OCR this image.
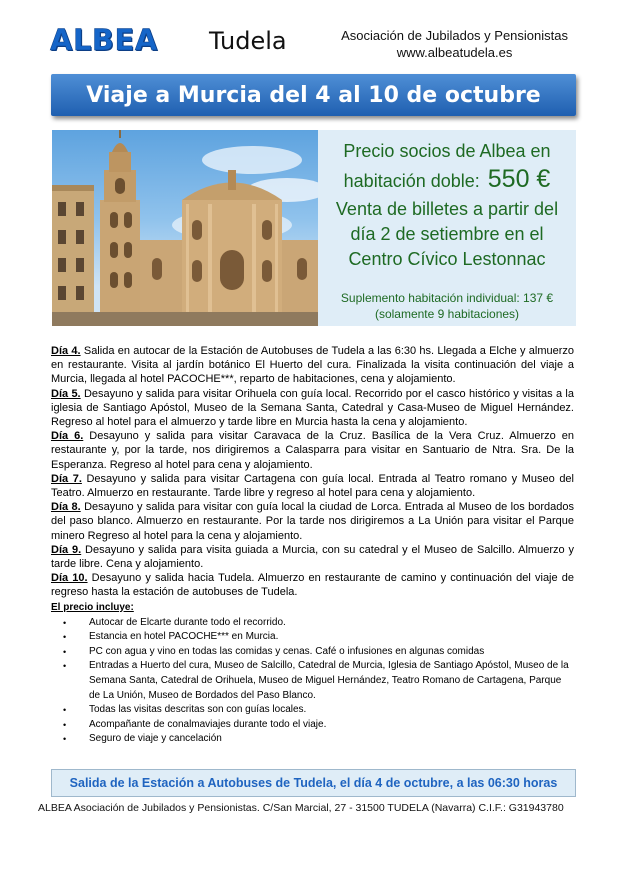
ALBEA Tudela	Asociación de Jubilados y Pensionistas
www.albeatudela.es
Viaje a Murcia del 4 al 10 de octubre
Precio socios de Albea en
habitación doble: 550 €
Venta de billetes a partir del
día 2 de setiembre en el
Centro Cívico Lestonnac
Suplemento habitación individual: 137 €
(solamente 9 habitaciones)

Día 4. Salida en autocar de la Estación de Autobuses de Tudela a las 6:30 hs. Llegada a Elche y almuerzo en restaurante. Visita al jardín botánico El Huerto del cura. Finalizada la visita continuación del viaje a Murcia, llegada al hotel PACOCHE***, reparto de habitaciones, cena y alojamiento.

Día 5. Desayuno y salida para visitar Orihuela con guía local. Recorrido por el casco histórico y visitas a la iglesia de Santiago Apóstol, Museo de la Semana Santa, Catedral y Casa-Museo de Miguel Hernández. Regreso al hotel para el almuerzo y tarde libre en Murcia hasta la cena y alojamiento.

Día 6. Desayuno y salida para visitar Caravaca de la Cruz. Basílica de la Vera Cruz. Almuerzo en restaurante y, por la tarde, nos dirigiremos a Calasparra para visitar en Santuario de Ntra. Sra. De la Esperanza. Regreso al hotel para cena y alojamiento.

Día 7. Desayuno y salida para visitar Cartagena con guía local. Entrada al Teatro romano y Museo del Teatro. Almuerzo en restaurante. Tarde libre y regreso al hotel para cena y alojamiento.

Día 8. Desayuno y salida para visitar con guía local la ciudad de Lorca. Entrada al Museo de los bordados del paso blanco. Almuerzo en restaurante. Por la tarde nos dirigiremos a La Unión para visitar el Parque minero Regreso al hotel para la cena y alojamiento.

Día 9. Desayuno y salida para visita guiada a Murcia, con su catedral y el Museo de Salcillo. Almuerzo y tarde libre. Cena y alojamiento.

Día 10. Desayuno y salida hacia Tudela. Almuerzo en restaurante de camino y continuación del viaje de regreso hasta la estación de autobuses de Tudela.

El precio incluye:
• Autocar de Elcarte durante todo el recorrido.
• Estancia en hotel PACOCHE*** en Murcia.
• PC con agua y vino en todas las comidas y cenas. Café o infusiones en algunas comidas
• Entradas a Huerto del cura, Museo de Salcillo, Catedral de Murcia, Iglesia de Santiago Apóstol, Museo de la Semana Santa, Catedral de Orihuela, Museo de Miguel Hernández, Teatro Romano de Cartagena, Parque de La Unión, Museo de Bordados del Paso Blanco.
• Todas las visitas descritas son con guías locales.
• Acompañante de conalmaviajes durante todo el viaje.
• Seguro de viaje y cancelación
Salida de la Estación a Autobuses de Tudela, el día 4 de octubre, a las 06:30 horas
ALBEA Asociación de Jubilados y Pensionistas. C/San Marcial, 27 - 31500 TUDELA (Navarra) C.I.F.: G31943780
